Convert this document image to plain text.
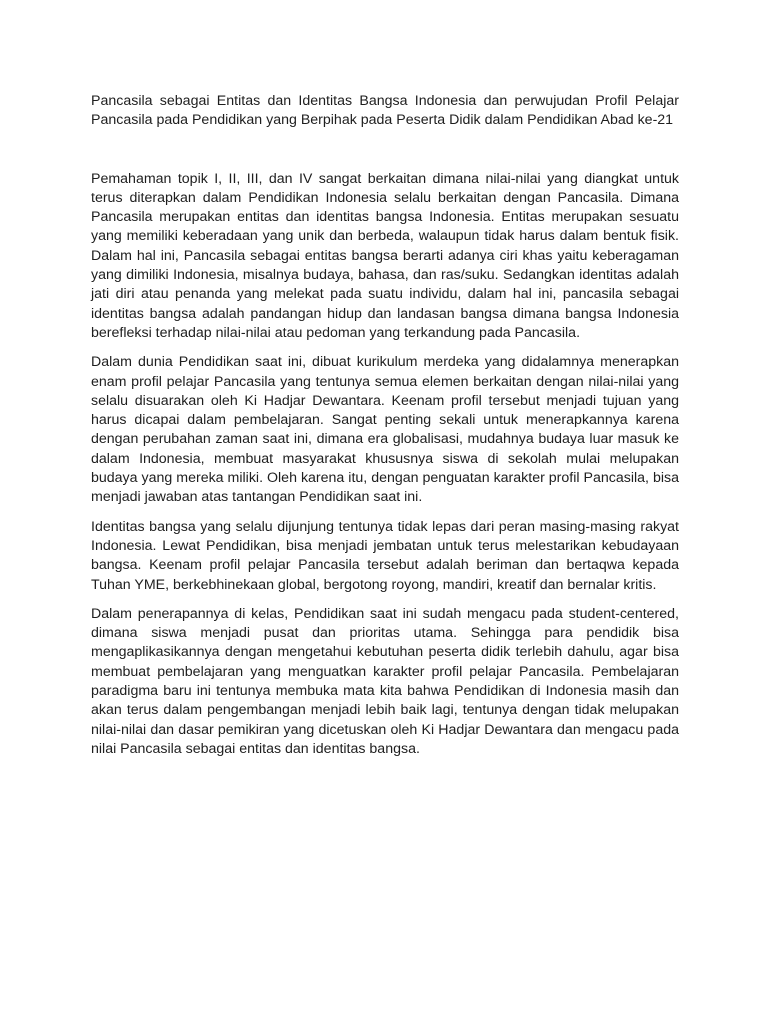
Pancasila sebagai Entitas dan Identitas Bangsa Indonesia dan perwujudan Profil Pelajar Pancasila pada Pendidikan yang Berpihak pada Peserta Didik dalam Pendidikan Abad ke-21

Pemahaman topik I, II, III, dan IV sangat berkaitan dimana nilai-nilai yang diangkat untuk terus diterapkan dalam Pendidikan Indonesia selalu berkaitan dengan Pancasila. Dimana Pancasila merupakan entitas dan identitas bangsa Indonesia. Entitas merupakan sesuatu yang memiliki keberadaan yang unik dan berbeda, walaupun tidak harus dalam bentuk fisik. Dalam hal ini, Pancasila sebagai entitas bangsa berarti adanya ciri khas yaitu keberagaman yang dimiliki Indonesia, misalnya budaya, bahasa, dan ras/suku. Sedangkan identitas adalah jati diri atau penanda yang melekat pada suatu individu, dalam hal ini, pancasila sebagai identitas bangsa adalah pandangan hidup dan landasan bangsa dimana bangsa Indonesia berefleksi terhadap nilai-nilai atau pedoman yang terkandung pada Pancasila.

Dalam dunia Pendidikan saat ini, dibuat kurikulum merdeka yang didalamnya menerapkan enam profil pelajar Pancasila yang tentunya semua elemen berkaitan dengan nilai-nilai yang selalu disuarakan oleh Ki Hadjar Dewantara. Keenam profil tersebut menjadi tujuan yang harus dicapai dalam pembelajaran. Sangat penting sekali untuk menerapkannya karena dengan perubahan zaman saat ini, dimana era globalisasi, mudahnya budaya luar masuk ke dalam Indonesia, membuat masyarakat khususnya siswa di sekolah mulai melupakan budaya yang mereka miliki. Oleh karena itu, dengan penguatan karakter profil Pancasila, bisa menjadi jawaban atas tantangan Pendidikan saat ini.

Identitas bangsa yang selalu dijunjung tentunya tidak lepas dari peran masing-masing rakyat Indonesia. Lewat Pendidikan, bisa menjadi jembatan untuk terus melestarikan kebudayaan bangsa. Keenam profil pelajar Pancasila tersebut adalah beriman dan bertaqwa kepada Tuhan YME, berkebhinekaan global, bergotong royong, mandiri, kreatif dan bernalar kritis.

Dalam penerapannya di kelas, Pendidikan saat ini sudah mengacu pada student-centered, dimana siswa menjadi pusat dan prioritas utama. Sehingga para pendidik bisa mengaplikasikannya dengan mengetahui kebutuhan peserta didik terlebih dahulu, agar bisa membuat pembelajaran yang menguatkan karakter profil pelajar Pancasila. Pembelajaran paradigma baru ini tentunya membuka mata kita bahwa Pendidikan di Indonesia masih dan akan terus dalam pengembangan menjadi lebih baik lagi, tentunya dengan tidak melupakan nilai-nilai dan dasar pemikiran yang dicetuskan oleh Ki Hadjar Dewantara dan mengacu pada nilai Pancasila sebagai entitas dan identitas bangsa.
